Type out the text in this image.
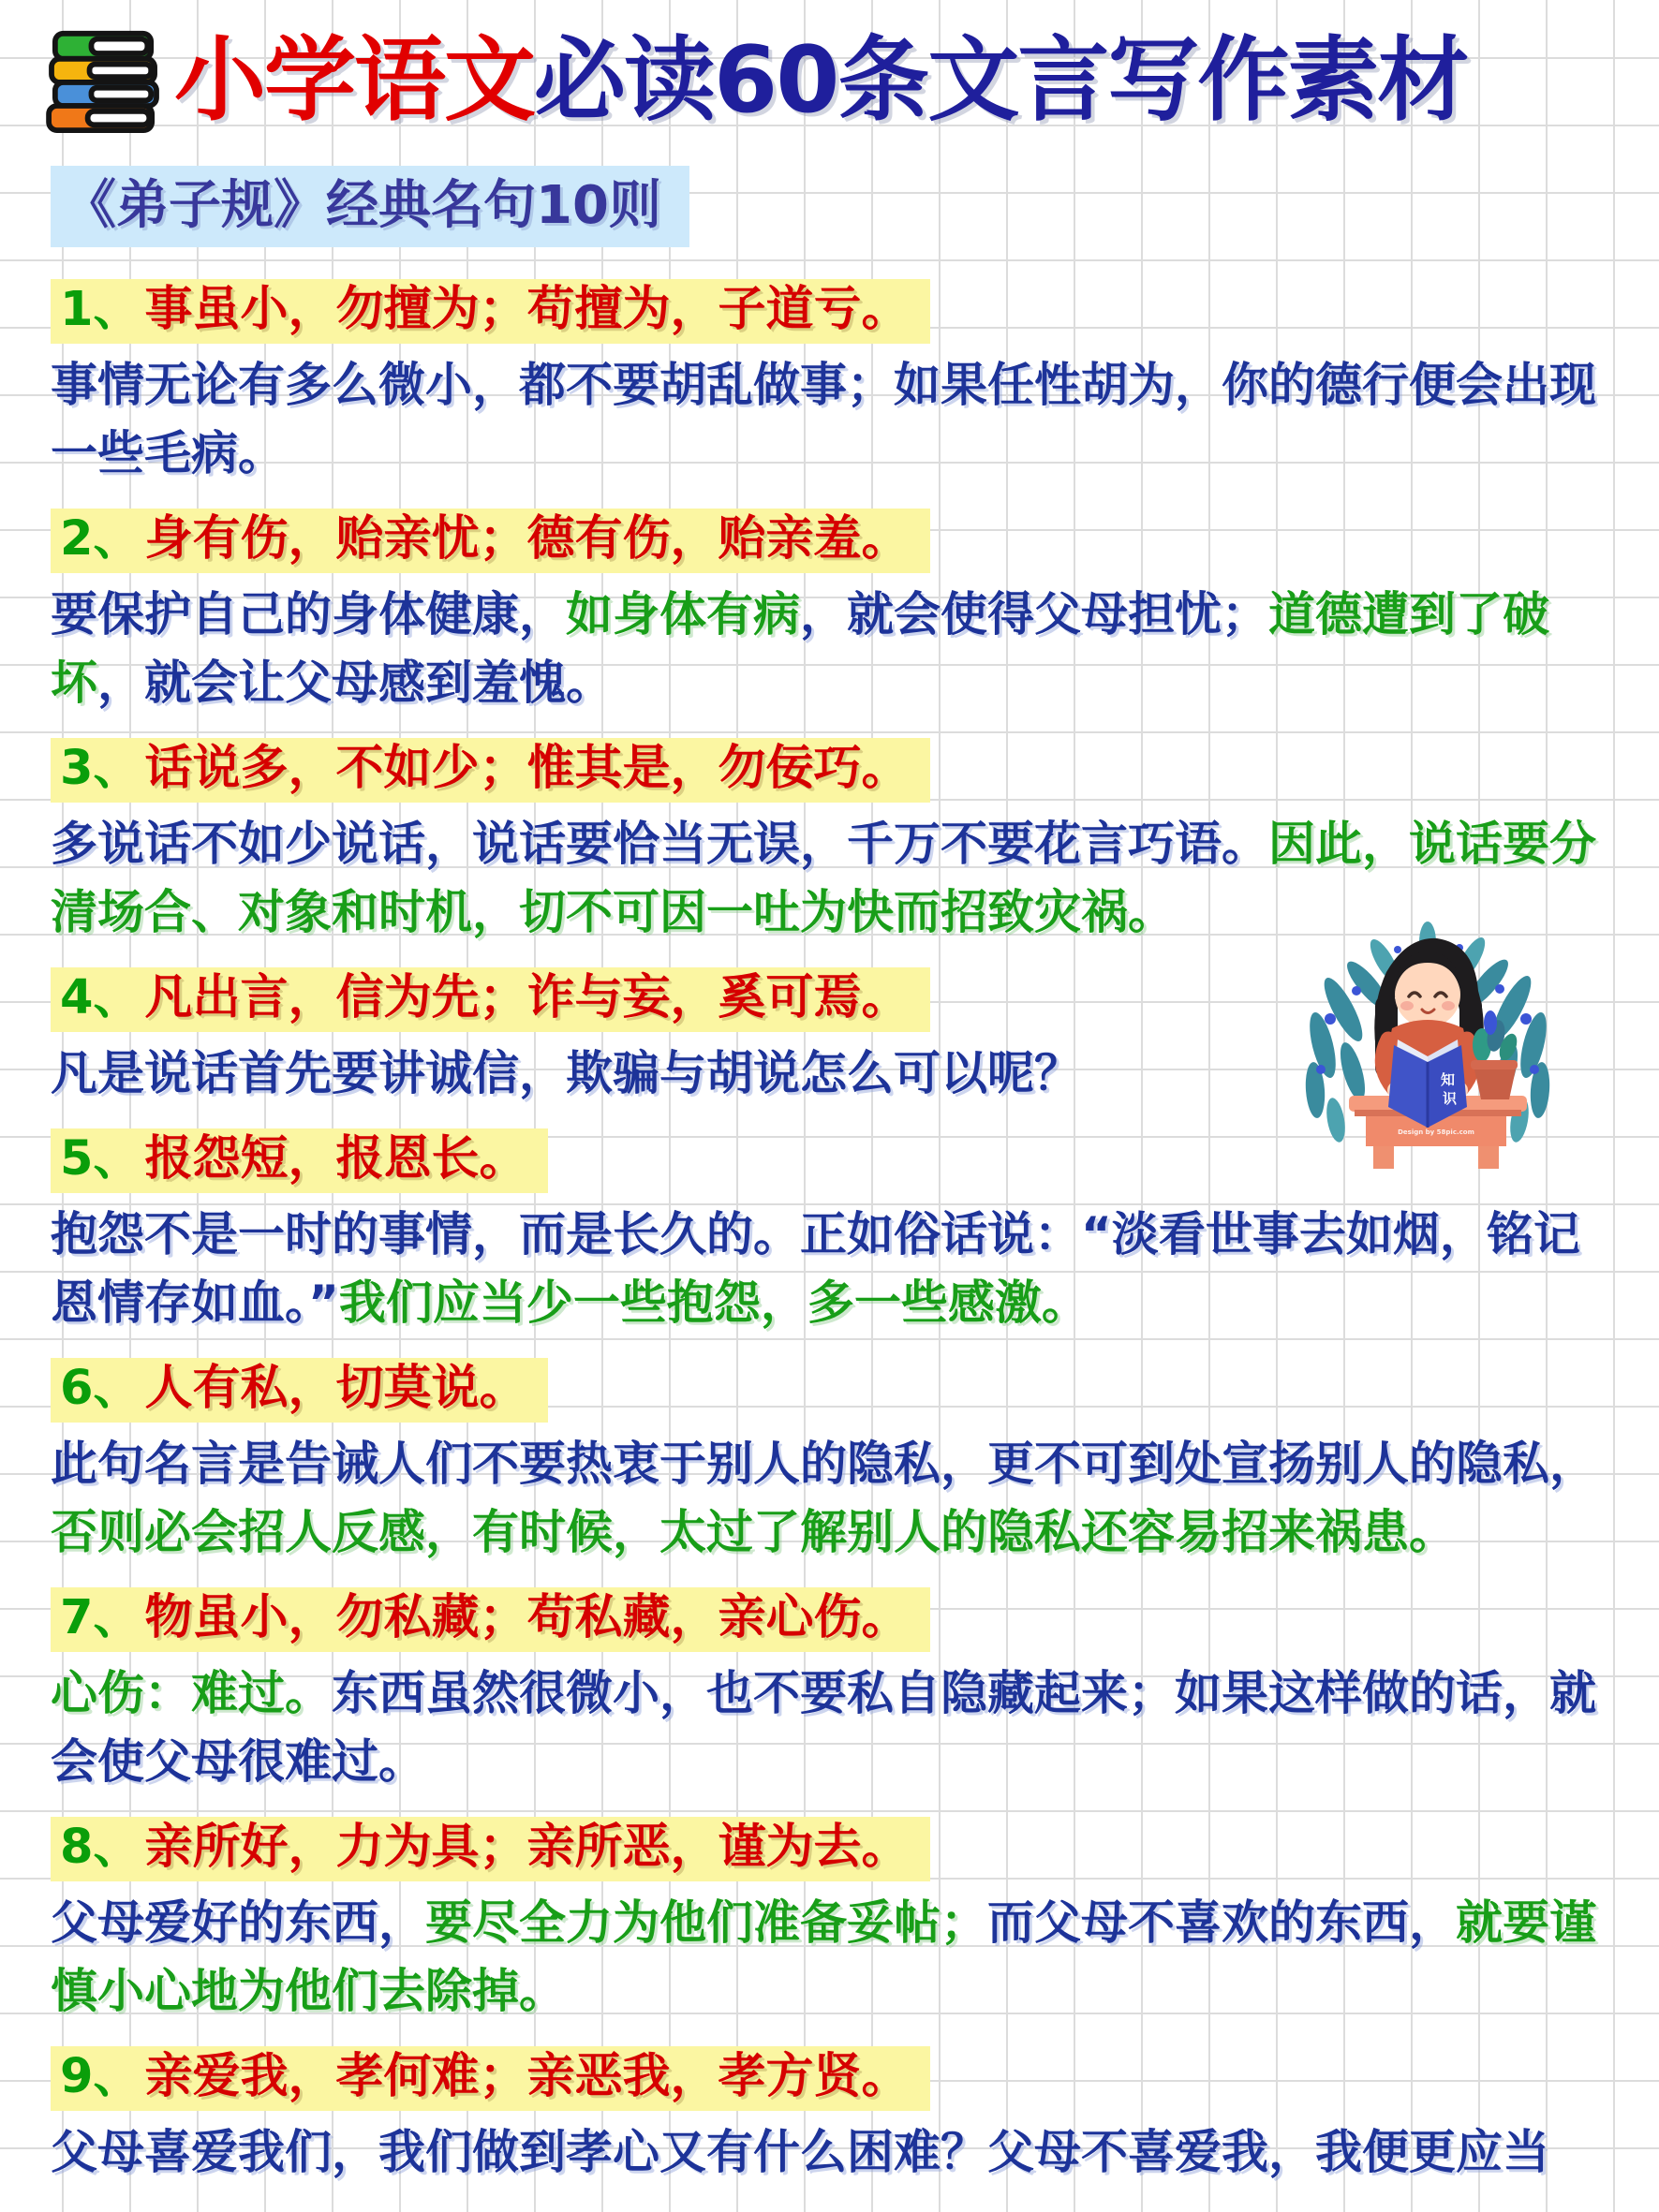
小学语文必读60条文言写作素材
《弟子规》经典名句10则
1、事虽小，勿擅为；苟擅为，子道亏。

事情无论有多么微小，都不要胡乱做事；如果任性胡为，你的德行便会出现一些毛病。

2、身有伤，贻亲忧；德有伤，贻亲羞。

要保护自己的身体健康，如身体有病，就会使得父母担忧；道德遭到了破坏，就会让父母感到羞愧。

3、话说多，不如少；惟其是，勿佞巧。

多说话不如少说话，说话要恰当无误，千万不要花言巧语。因此，说话要分清场合、对象和时机，切不可因一吐为快而招致灾祸。

4、凡出言，信为先；诈与妄，奚可焉。

凡是说话首先要讲诚信，欺骗与胡说怎么可以呢？

5、报怨短，报恩长。

抱怨不是一时的事情，而是长久的。正如俗话说：“淡看世事去如烟，铭记恩情存如血。”我们应当少一些抱怨，多一些感激。

6、人有私，切莫说。

此句名言是告诫人们不要热衷于别人的隐私，更不可到处宣扬别人的隐私，否则必会招人反感，有时候，太过了解别人的隐私还容易招来祸患。

7、物虽小，勿私藏；苟私藏，亲心伤。

心伤：难过。东西虽然很微小，也不要私自隐藏起来；如果这样做的话，就会使父母很难过。

8、亲所好，力为具；亲所恶，谨为去。

父母爱好的东西，要尽全力为他们准备妥帖；而父母不喜欢的东西，就要谨慎小心地为他们去除掉。

9、亲爱我，孝何难；亲恶我，孝方贤。

父母喜爱我们，我们做到孝心又有什么困难？父母不喜爱我，我便更应当

Design by 58pic.com
知
识
